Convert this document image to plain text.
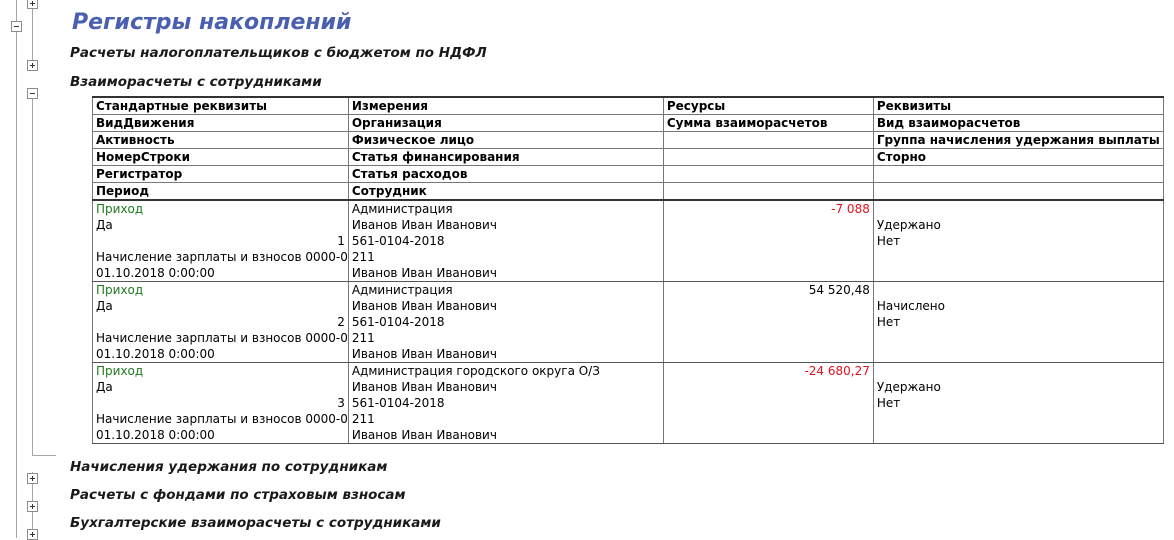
Регистры накоплений
Расчеты налогоплательщиков с бюджетом по НДФЛ
Взаиморасчеты с сотрудниками
Стандартные реквизиты	Измерения	Ресурсы	Реквизиты
ВидДвижения	Организация	Сумма взаиморасчетов	Вид взаиморасчетов
Активность	Физическое лицо		Группа начисления удержания выплаты
НомерСтроки	Статья финансирования		Сторно
Регистратор	Статья расходов		
Период	Сотрудник		
Приход	Администрация	-7 088	
Да	Иванов Иван Иванович		Удержано
1	561-0104-2018		Нет
Начисление зарплаты и взносов 0000-0	211		
01.10.2018 0:00:00	Иванов Иван Иванович		
Приход	Администрация	54 520,48	
Да	Иванов Иван Иванович		Начислено
2	561-0104-2018		Нет
Начисление зарплаты и взносов 0000-0	211		
01.10.2018 0:00:00	Иванов Иван Иванович		
Приход	Администрация городского округа О/З	-24 680,27	
Да	Иванов Иван Иванович		Удержано
3	561-0104-2018		Нет
Начисление зарплаты и взносов 0000-0	211		
01.10.2018 0:00:00	Иванов Иван Иванович		
Начисления удержания по сотрудникам
Расчеты с фондами по страховым взносам
Бухгалтерские взаиморасчеты с сотрудниками
